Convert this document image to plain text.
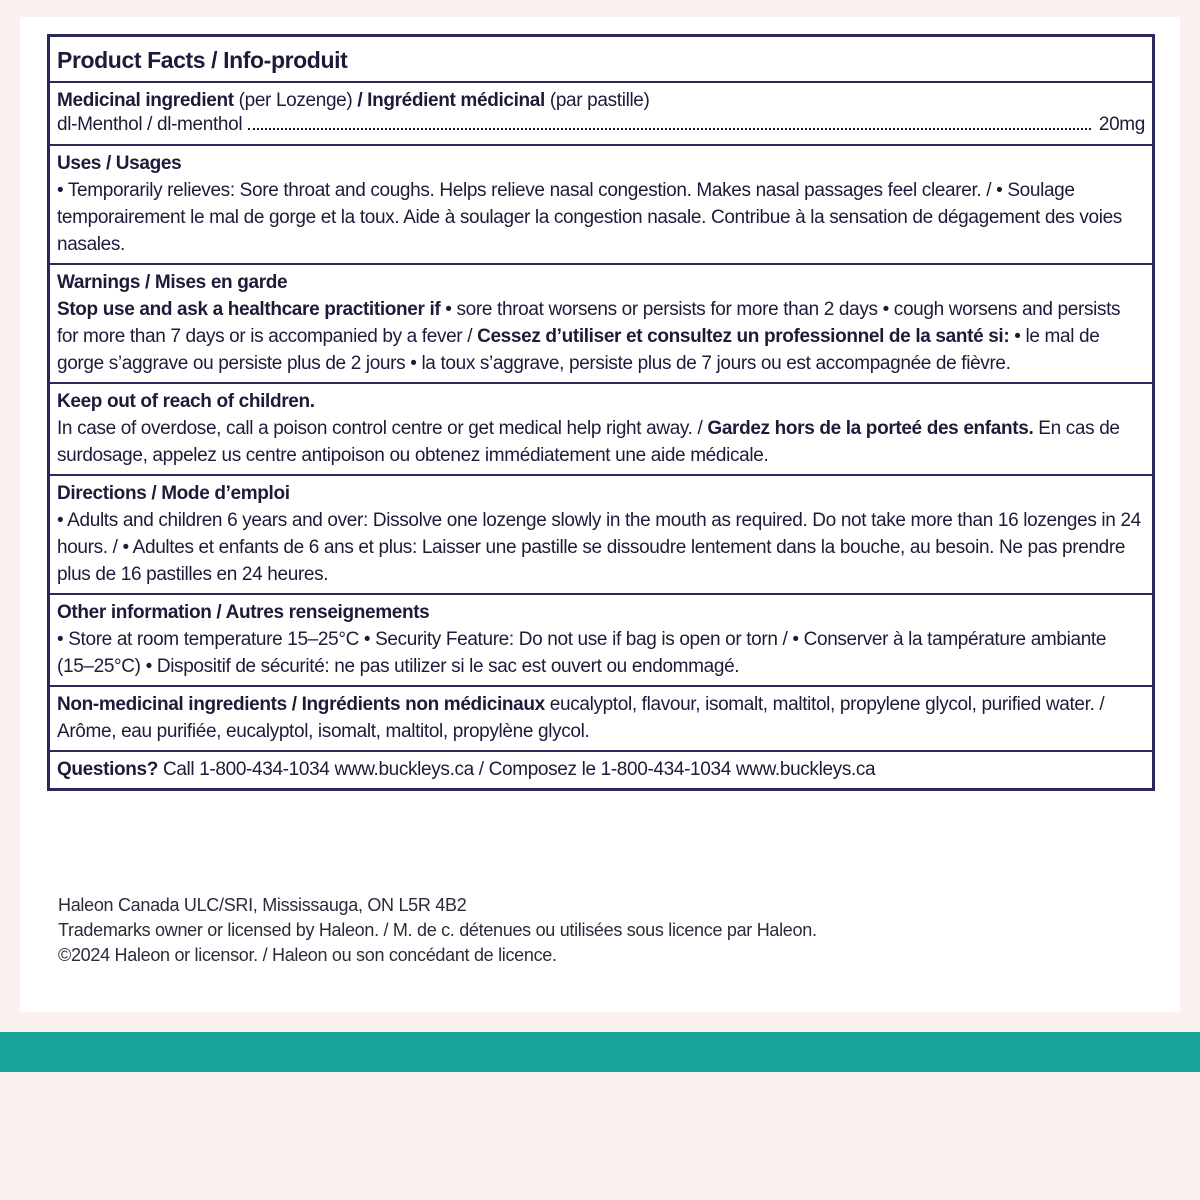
Product Facts / Info-produit
Medicinal ingredient (per Lozenge) / Ingrédient médicinal (par pastille)
dl-Menthol / dl-menthol	20mg
Uses / Usages
• Temporarily relieves: Sore throat and coughs. Helps relieve nasal congestion. Makes nasal passages feel clearer. / • Soulage temporairement le mal de gorge et la toux. Aide à soulager la congestion nasale. Contribue à la sensation de dégagement des voies nasales.
Warnings / Mises en garde
Stop use and ask a healthcare practitioner if • sore throat worsens or persists for more than 2 days • cough worsens and persists for more than 7 days or is accompanied by a fever / Cessez d’utiliser et consultez un professionnel de la santé si: • le mal de gorge s’aggrave ou persiste plus de 2 jours • la toux s’aggrave, persiste plus de 7 jours ou est accompagnée de fièvre.
Keep out of reach of children.
In case of overdose, call a poison control centre or get medical help right away. / Gardez hors de la porteé des enfants. En cas de surdosage, appelez us centre antipoison ou obtenez immédiatement une aide médicale.
Directions / Mode d’emploi
• Adults and children 6 years and over: Dissolve one lozenge slowly in the mouth as required. Do not take more than 16 lozenges in 24 hours. / • Adultes et enfants de 6 ans et plus: Laisser une pastille se dissoudre lentement dans la bouche, au besoin. Ne pas prendre plus de 16 pastilles en 24 heures.
Other information / Autres renseignements
• Store at room temperature 15–25°C • Security Feature: Do not use if bag is open or torn / • Conserver à la tampérature ambiante (15–25°C) • Dispositif de sécurité: ne pas utilizer si le sac est ouvert ou endommagé.
Non-medicinal ingredients / Ingrédients non médicinaux eucalyptol, flavour, isomalt, maltitol, propylene glycol, purified water. / Arôme, eau purifiée, eucalyptol, isomalt, maltitol, propylène glycol.
Questions? Call 1-800-434-1034 www.buckleys.ca / Composez le 1-800-434-1034 www.buckleys.ca
Haleon Canada ULC/SRI, Mississauga, ON L5R 4B2
Trademarks owner or licensed by Haleon. / M. de c. détenues ou utilisées sous licence par Haleon.
©2024 Haleon or licensor. / Haleon ou son concédant de licence.
